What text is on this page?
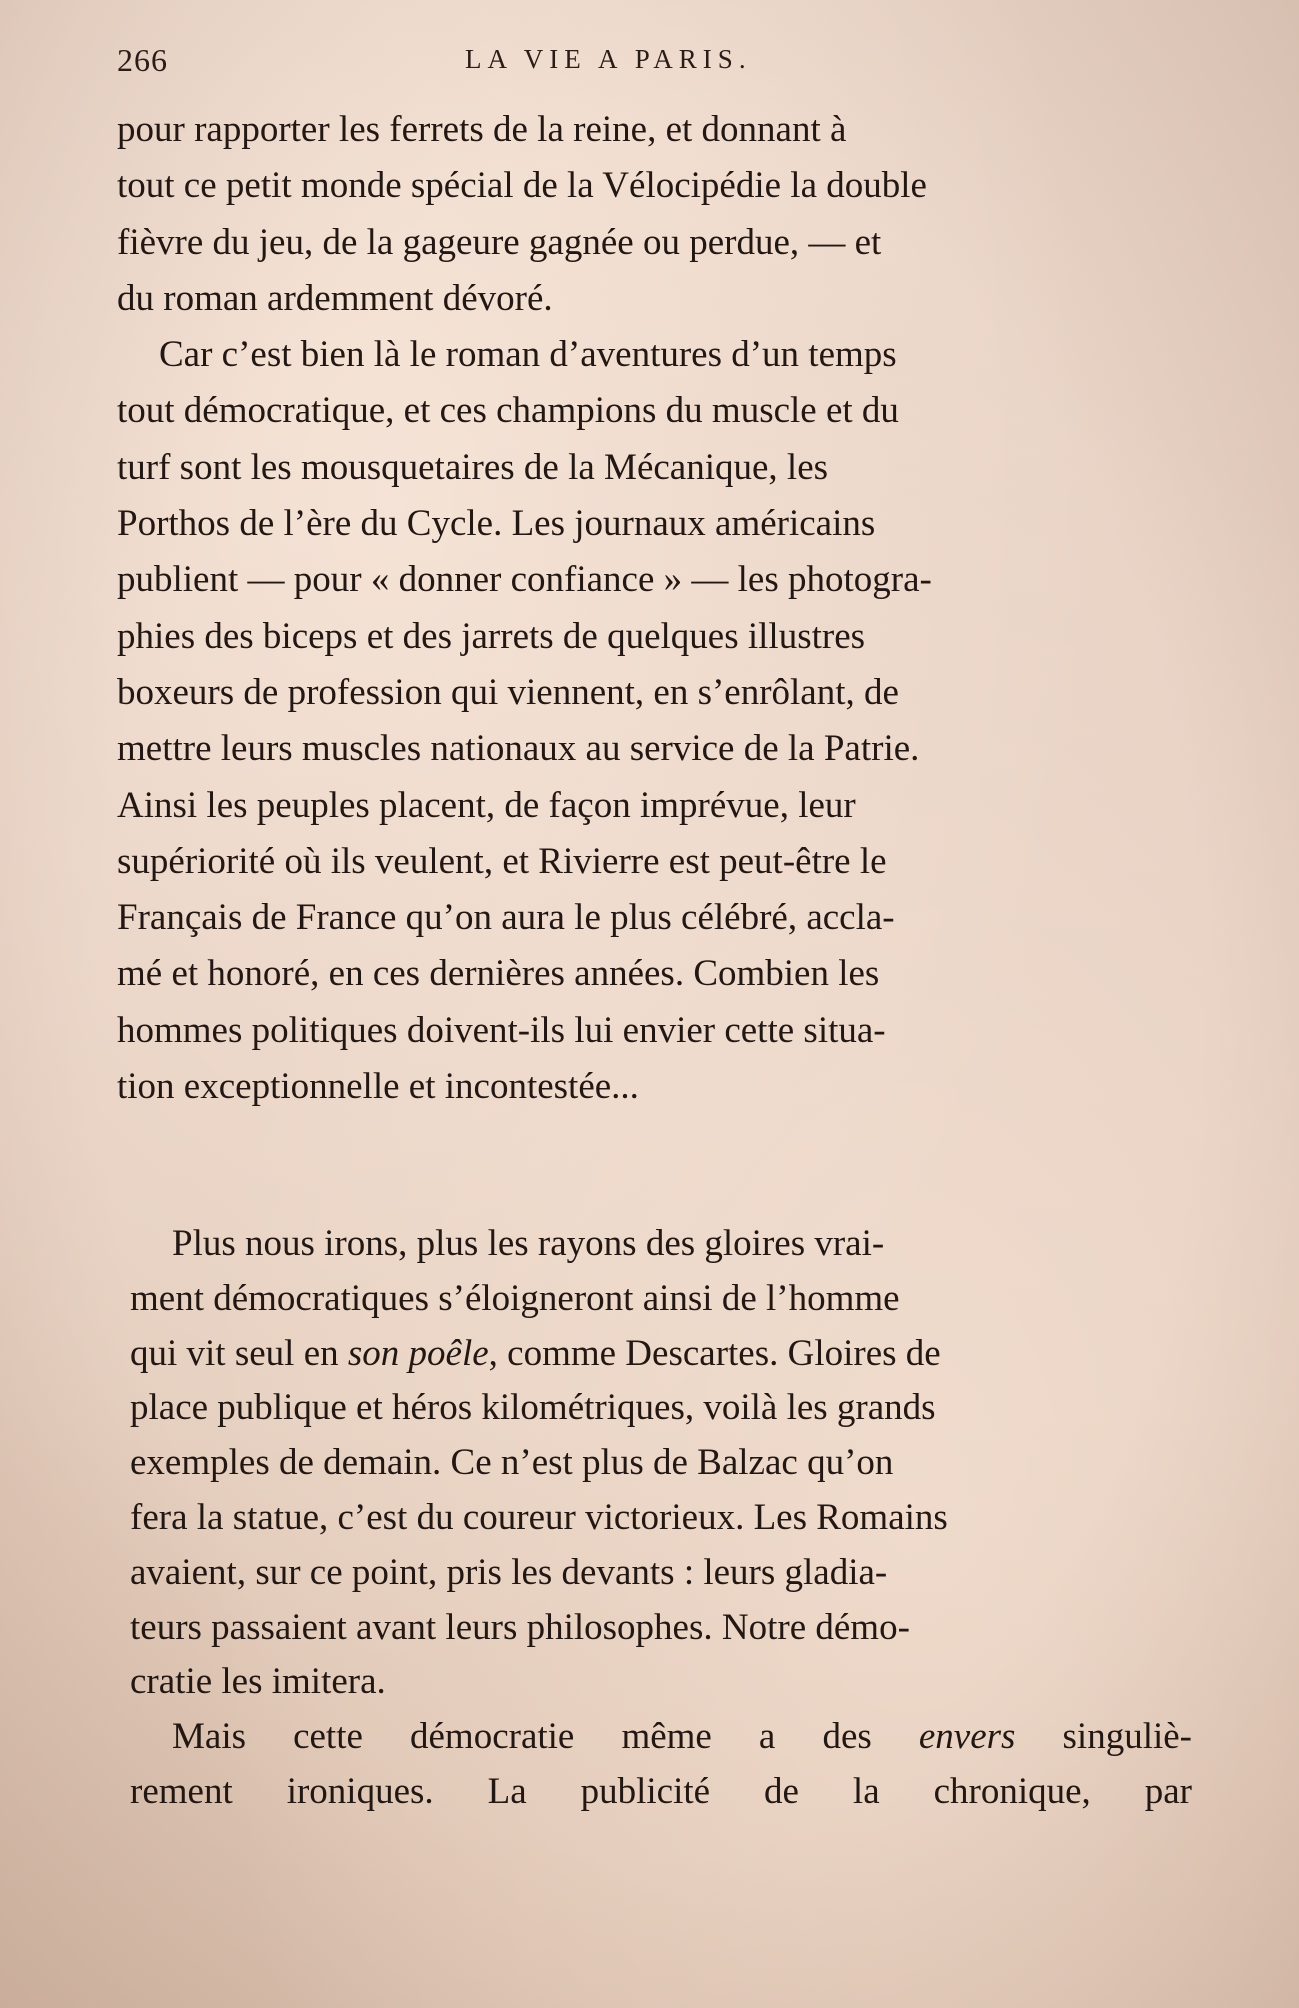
266	LA VIE A PARIS.

pour rapporter les ferrets de la reine, et donnant à
tout ce petit monde spécial de la Vélocipédie la double
fièvre du jeu, de la gageure gagnée ou perdue, — et
du roman ardemment dévoré.

Car c’est bien là le roman d’aventures d’un temps
tout démocratique, et ces champions du muscle et du
turf sont les mousquetaires de la Mécanique, les
Porthos de l’ère du Cycle. Les journaux américains
publient — pour « donner confiance » — les photogra-
phies des biceps et des jarrets de quelques illustres
boxeurs de profession qui viennent, en s’enrôlant, de
mettre leurs muscles nationaux au service de la Patrie.
Ainsi les peuples placent, de façon imprévue, leur
supériorité où ils veulent, et Rivierre est peut-être le
Français de France qu’on aura le plus célébré, accla-
mé et honoré, en ces dernières années. Combien les
hommes politiques doivent-ils lui envier cette situa-
tion exceptionnelle et incontestée...

Plus nous irons, plus les rayons des gloires vrai-
ment démocratiques s’éloigneront ainsi de l’homme
qui vit seul en son poêle, comme Descartes. Gloires de
place publique et héros kilométriques, voilà les grands
exemples de demain. Ce n’est plus de Balzac qu’on
fera la statue, c’est du coureur victorieux. Les Romains
avaient, sur ce point, pris les devants : leurs gladia-
teurs passaient avant leurs philosophes. Notre démo-
cratie les imitera.

Mais cette démocratie même a des envers singuliè-
rement ironiques. La publicité de la chronique, par
